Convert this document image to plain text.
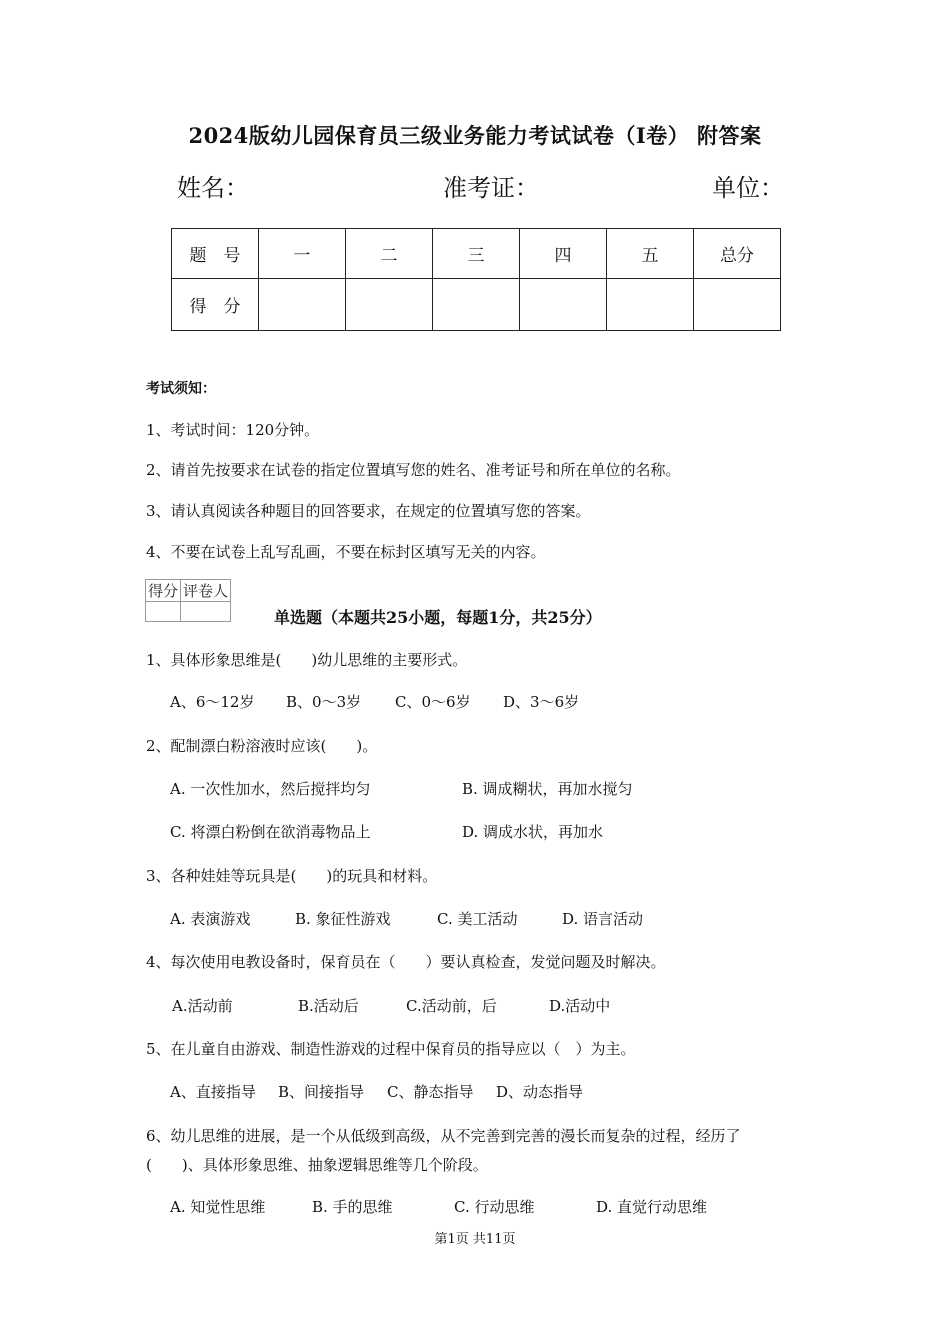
2024版幼儿园保育员三级业务能力考试试卷（I卷） 附答案
姓名：	准考证：	单位：
题　号	一	二	三	四	五	总分
得　分						
考试须知：
1、考试时间：120分钟。
2、请首先按要求在试卷的指定位置填写您的姓名、准考证号和所在单位的名称。
3、请认真阅读各种题目的回答要求，在规定的位置填写您的答案。
4、不要在试卷上乱写乱画，不要在标封区填写无关的内容。
得分	评卷人

单选题（本题共25小题，每题1分，共25分）
1、具体形象思维是(　　)幼儿思维的主要形式。
A、6～12岁 B、0～3岁 C、0～6岁 D、3～6岁
2、配制漂白粉溶液时应该(　　)。
A. 一次性加水，然后搅拌均匀	B. 调成糊状，再加水搅匀
C. 将漂白粉倒在欲消毒物品上	D. 调成水状，再加水
3、各种娃娃等玩具是(　　)的玩具和材料。
A. 表演游戏	B. 象征性游戏	C. 美工活动	D. 语言活动
4、每次使用电教设备时，保育员在（　　）要认真检查，发觉问题及时解决。
A.活动前	B.活动后	C.活动前，后	D.活动中
5、在儿童自由游戏、制造性游戏的过程中保育员的指导应以（　）为主。
A、直接指导 B、间接指导 C、静态指导 D、动态指导
6、幼儿思维的进展，是一个从低级到高级，从不完善到完善的漫长而复杂的过程，经历了
(　　)、具体形象思维、抽象逻辑思维等几个阶段。
A. 知觉性思维	B. 手的思维	C. 行动思维	D. 直觉行动思维
第1页 共11页
